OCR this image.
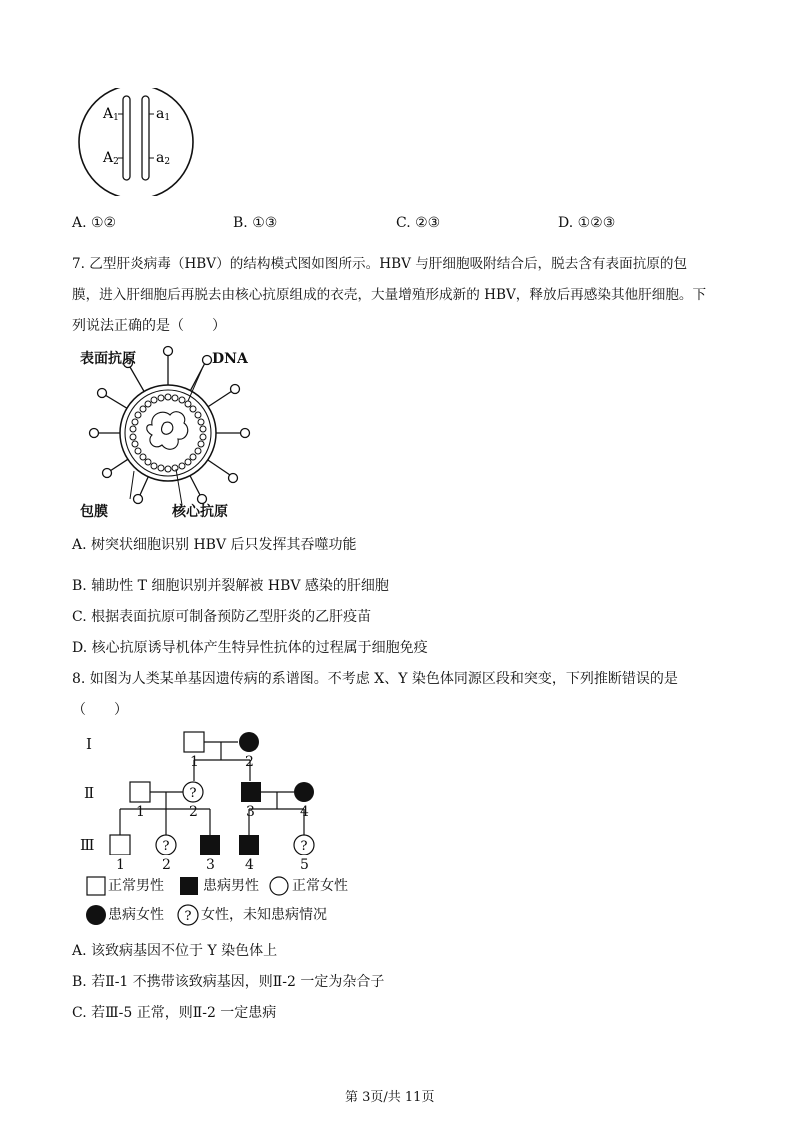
A1
A2
a1
a2
A. ①②	B. ①③	C. ②③	D. ①②③
7. 乙型肝炎病毒（HBV）的结构模式图如图所示。HBV 与肝细胞吸附结合后，脱去含有表面抗原的包
膜，进入肝细胞后再脱去由核心抗原组成的衣壳，大量增殖形成新的 HBV，释放后再感染其他肝细胞。下
列说法正确的是（　　）
表面抗原	DNA
包膜	核心抗原
A. 树突状细胞识别 HBV 后只发挥其吞噬功能
B. 辅助性 T 细胞识别并裂解被 HBV 感染的肝细胞
C. 根据表面抗原可制备预防乙型肝炎的乙肝疫苗
D. 核心抗原诱导机体产生特异性抗体的过程属于细胞免疫
8. 如图为人类某单基因遗传病的系谱图。不考虑 X、Y 染色体同源区段和突变，下列推断错误的是
（　　）
?
?	?
Ⅰ
Ⅱ
Ⅲ
1	2
1	2	3	4
1	2	3 4	5
正常男性	患病男性 正常女性
患病女性 ? 女性，未知患病情况
A. 该致病基因不位于 Y 染色体上
B. 若Ⅱ-1 不携带该致病基因，则Ⅱ-2 一定为杂合子
C. 若Ⅲ-5 正常，则Ⅱ-2 一定患病
第 3页/共 11页
